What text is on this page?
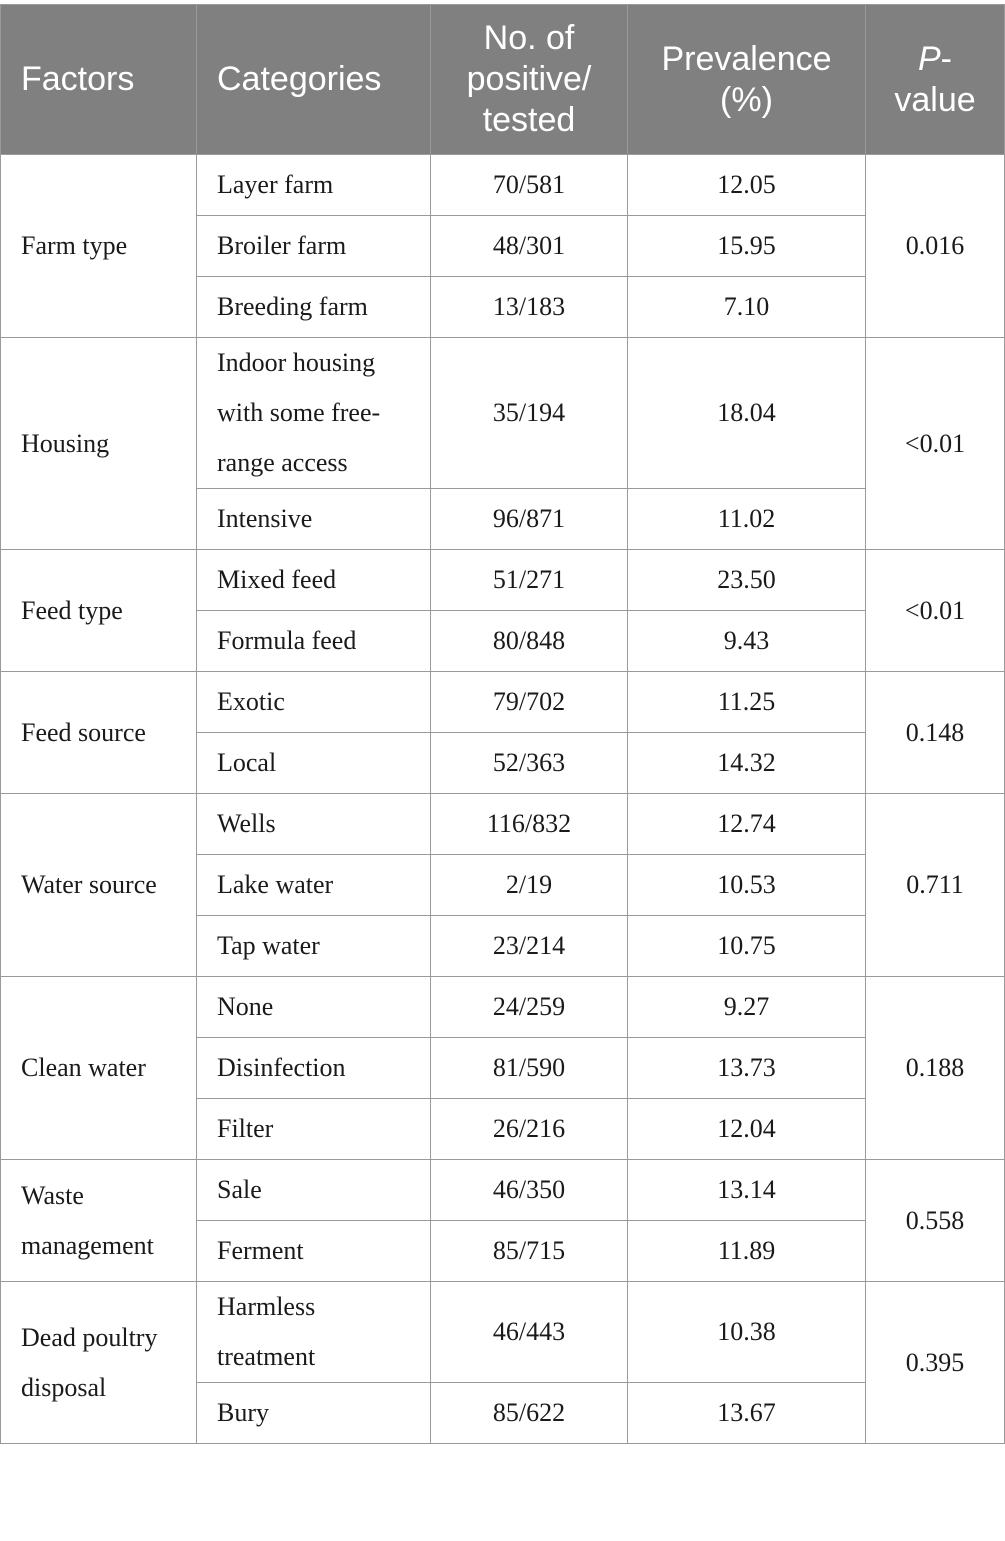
Factors	Categories	No. of positive/ tested	Prevalence (%)	P-value
Farm type	Layer farm	70/581	12.05	0.016
	Broiler farm	48/301	15.95	
	Breeding farm	13/183	7.10	
Housing	Indoor housing with some free-range access	35/194	18.04	<0.01
	Intensive	96/871	11.02	
Feed type	Mixed feed	51/271	23.50	<0.01
	Formula feed	80/848	9.43	
Feed source	Exotic	79/702	11.25	0.148
	Local	52/363	14.32	
Water source	Wells	116/832	12.74	0.711
	Lake water	2/19	10.53	
	Tap water	23/214	10.75	
Clean water	None	24/259	9.27	0.188
	Disinfection	81/590	13.73	
	Filter	26/216	12.04	
Waste management	Sale	46/350	13.14	0.558
	Ferment	85/715	11.89	
Dead poultry disposal	Harmless treatment	46/443	10.38	0.395
	Bury	85/622	13.67	
